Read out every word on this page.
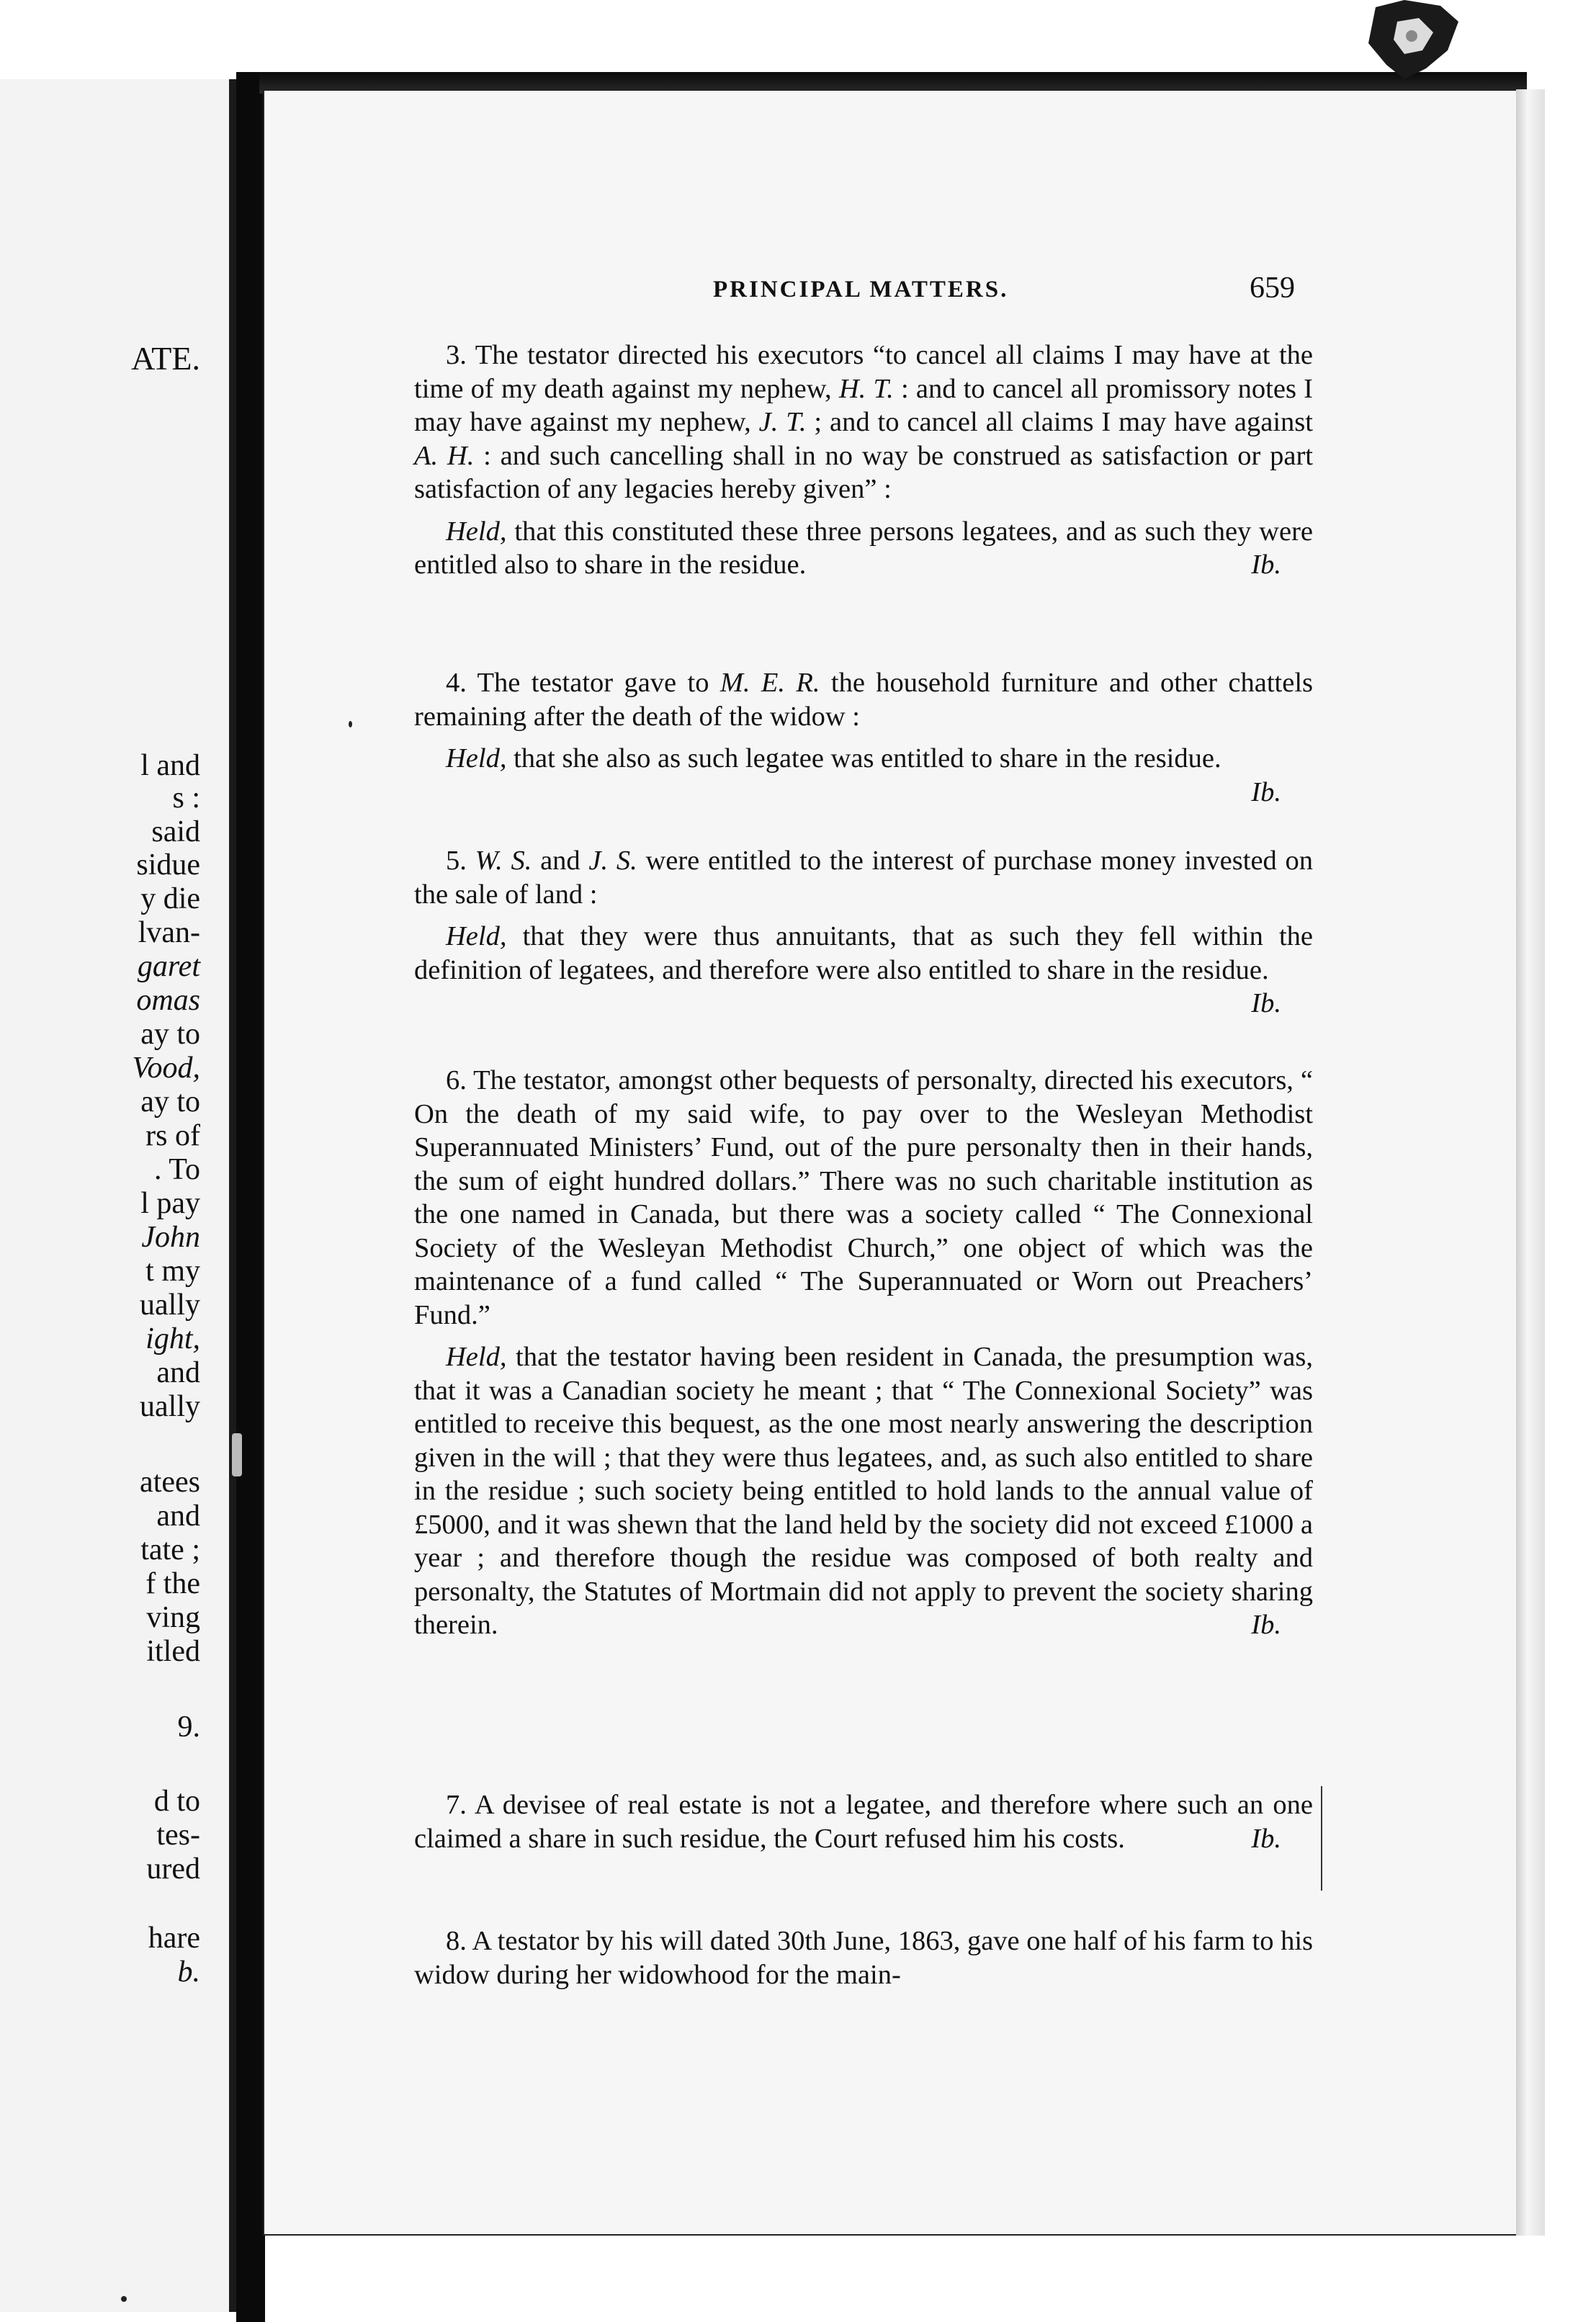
ATE.
l and
s :
said
sidue
y die
lvan-
garet
omas
ay to
Vood,
ay to
rs of
. To
l pay
John
t my
ually
ight,
and
ually
atees
and
tate ;
f the
ving
itled
9.
d to
tes-
ured
hare
b.
PRINCIPAL MATTERS.	659

3. The testator directed his executors “to cancel all claims I may have at the time of my death against my nephew, H. T. : and to cancel all promissory notes I may have against my nephew, J. T. ; and to cancel all claims I may have against A. H. : and such cancelling shall in no way be construed as satisfaction or part satisfaction of any legacies hereby given” :

Held, that this constituted these three persons legatees, and as such they were entitled also to share in the residue.	Ib.

4. The testator gave to M. E. R. the household furniture and other chattels remaining after the death of the widow :

Held, that she also as such legatee was entitled to share in the residue.
Ib.

5. W. S. and J. S. were entitled to the interest of purchase money invested on the sale of land :

Held, that they were thus annuitants, that as such they fell within the definition of legatees, and therefore were also entitled to share in the residue.
Ib.

6. The testator, amongst other bequests of personalty, directed his executors, “ On the death of my said wife, to pay over to the Wesleyan Methodist Superannuated Ministers’ Fund, out of the pure personalty then in their hands, the sum of eight hundred dollars.” There was no such charitable institution as the one named in Canada, but there was a society called “ The Connexional Society of the Wesleyan Methodist Church,” one object of which was the maintenance of a fund called “ The Superannuated or Worn out Preachers’ Fund.”

Held, that the testator having been resident in Canada, the presumption was, that it was a Canadian society he meant ; that “ The Connexional Society” was entitled to receive this bequest, as the one most nearly answering the description given in the will ; that they were thus legatees, and, as such also entitled to share in the residue ; such society being entitled to hold lands to the annual value of £5000, and it was shewn that the land held by the society did not exceed £1000 a year ; and therefore though the residue was composed of both realty and personalty, the Statutes of Mortmain did not apply to prevent the society sharing therein.	Ib.

7. A devisee of real estate is not a legatee, and therefore where such an one claimed a share in such residue, the Court refused him his costs.	Ib.

8. A testator by his will dated 30th June, 1863, gave one half of his farm to his widow during her widowhood for the main-
